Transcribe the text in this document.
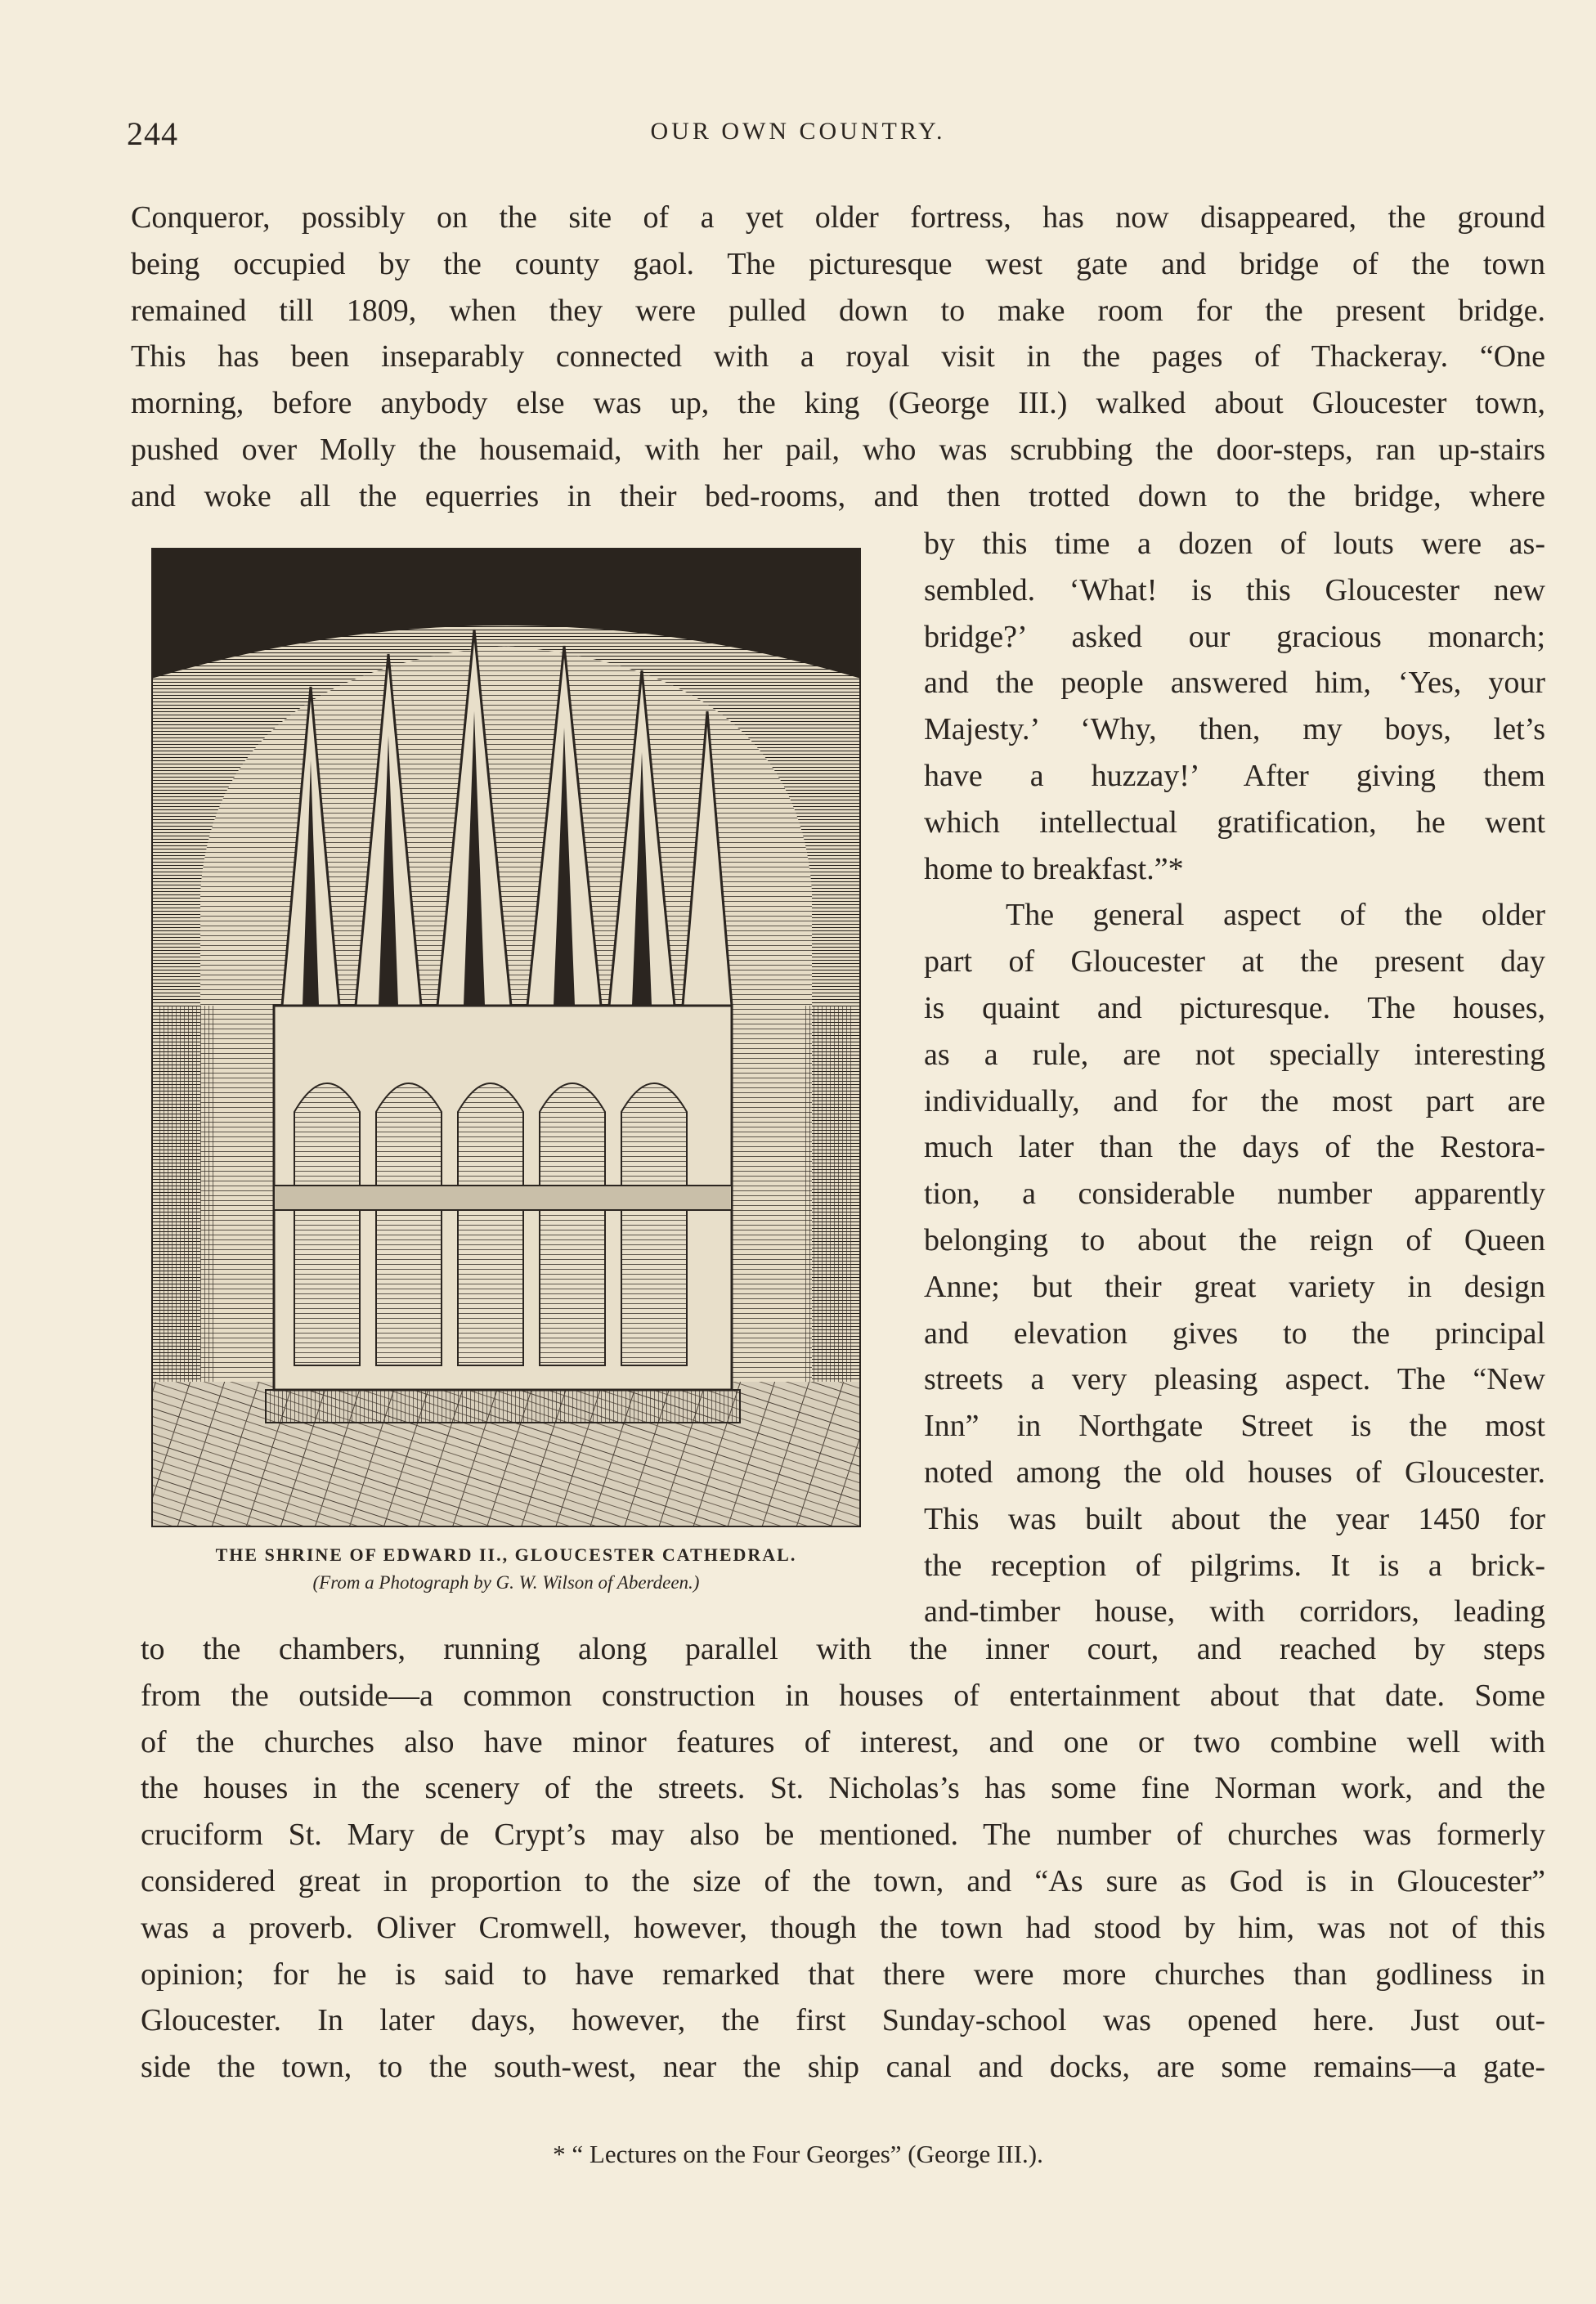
244	OUR OWN COUNTRY.
Conqueror, possibly on the site of a yet older fortress, has now disappeared, the ground
being occupied by the county gaol. The picturesque west gate and bridge of the town
remained till 1809, when they were pulled down to make room for the present bridge.
This has been inseparably connected with a royal visit in the pages of Thackeray. “One
morning, before anybody else was up, the king (George III.) walked about Gloucester town,
pushed over Molly the housemaid, with her pail, who was scrubbing the door-steps, ran up-stairs
and woke all the equerries in their bed-rooms, and then trotted down to the bridge, where
THE SHRINE OF EDWARD II., GLOUCESTER CATHEDRAL.
(From a Photograph by G. W. Wilson of Aberdeen.)
by this time a dozen of louts were as-
sembled. ‘What! is this Gloucester new
bridge?’ asked our gracious monarch;
and the people answered him, ‘Yes, your
Majesty.’ ‘Why, then, my boys, let’s
have a huzzay!’ After giving them
which intellectual gratification, he went
home to breakfast.”*
The general aspect of the older
part of Gloucester at the present day
is quaint and picturesque. The houses,
as a rule, are not specially interesting
individually, and for the most part are
much later than the days of the Restora-
tion, a considerable number apparently
belonging to about the reign of Queen
Anne; but their great variety in design
and elevation gives to the principal
streets a very pleasing aspect. The “New
Inn” in Northgate Street is the most
noted among the old houses of Gloucester.
This was built about the year 1450 for
the reception of pilgrims. It is a brick-
and-timber house, with corridors, leading
to the chambers, running along parallel with the inner court, and reached by steps
from the outside—a common construction in houses of entertainment about that date. Some
of the churches also have minor features of interest, and one or two combine well with
the houses in the scenery of the streets. St. Nicholas’s has some fine Norman work, and the
cruciform St. Mary de Crypt’s may also be mentioned. The number of churches was formerly
considered great in proportion to the size of the town, and “As sure as God is in Gloucester”
was a proverb. Oliver Cromwell, however, though the town had stood by him, was not of this
opinion; for he is said to have remarked that there were more churches than godliness in
Gloucester. In later days, however, the first Sunday-school was opened here. Just out-
side the town, to the south-west, near the ship canal and docks, are some remains—a gate-
* “ Lectures on the Four Georges” (George III.).
